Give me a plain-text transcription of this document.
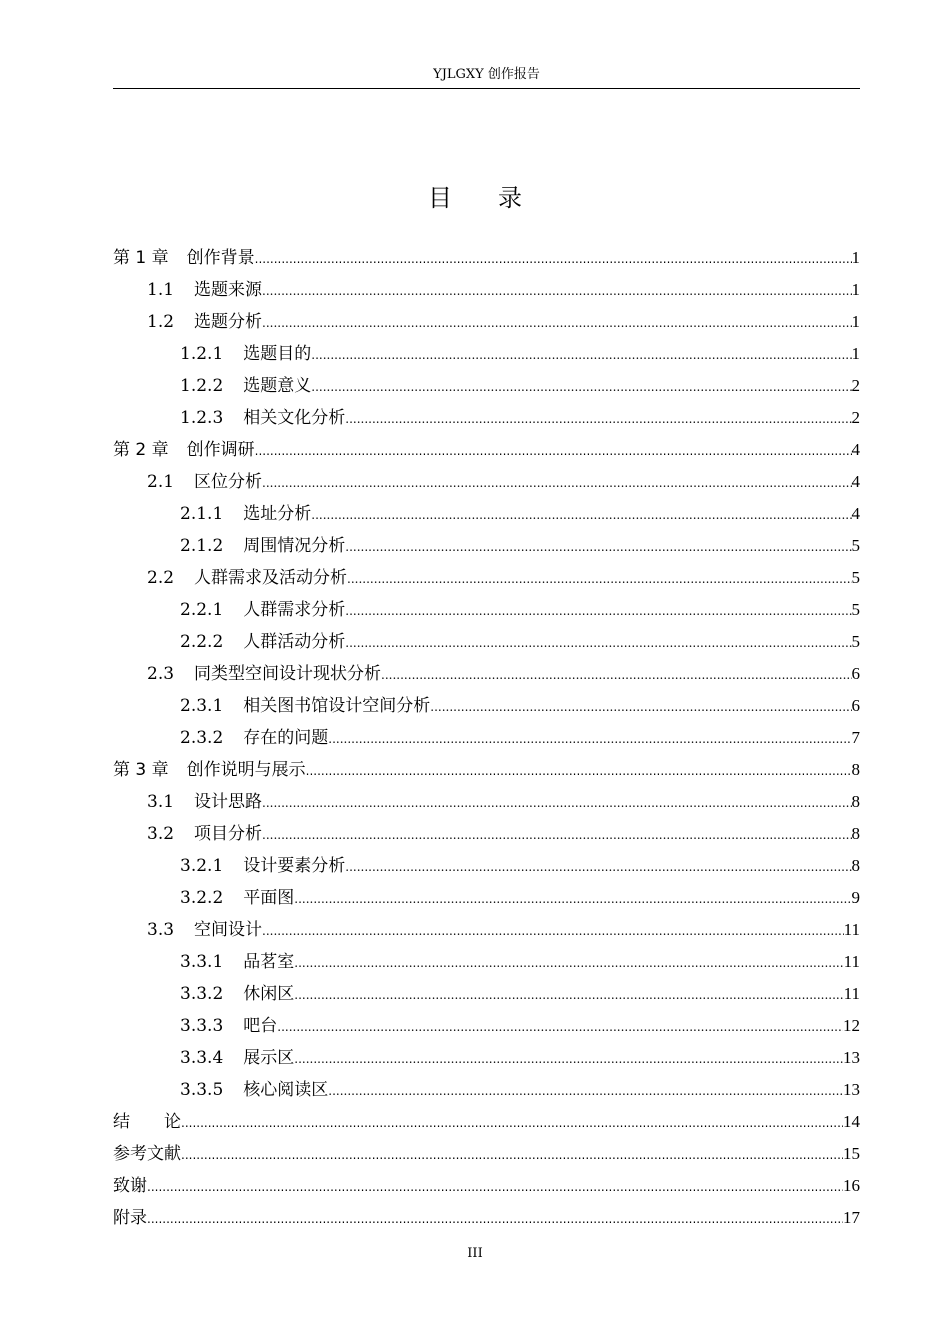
YJLGXY 创作报告
目录
第 1 章 创作背景 .....	1
1.1 选题来源 .....	1
1.2 选题分析 .....	1
1.2.1 选题目的 .....	1
1.2.2 选题意义 .....	2
1.2.3 相关文化分析 .....	2
第 2 章 创作调研 .....	4
2.1 区位分析 .....	4
2.1.1 选址分析 .....	4
2.1.2 周围情况分析 .....	5
2.2 人群需求及活动分析 .....	5
2.2.1 人群需求分析 .....	5
2.2.2 人群活动分析 .....	5
2.3 同类型空间设计现状分析 .....	6
2.3.1 相关图书馆设计空间分析 .....	6
2.3.2 存在的问题 .....	7
第 3 章 创作说明与展示 .....	8
3.1 设计思路 .....	8
3.2 项目分析 .....	8
3.2.1 设计要素分析 .....	8
3.2.2 平面图 .....	9
3.3 空间设计 .....	11
3.3.1 品茗室 .....	11
3.3.2 休闲区 .....	11
3.3.3 吧台 .....	12
3.3.4 展示区 .....	13
3.3.5 核心阅读区 .....	13
结  论 .....	14
参考文献 .....	15
致谢 .....	16
附录 .....	17
III
